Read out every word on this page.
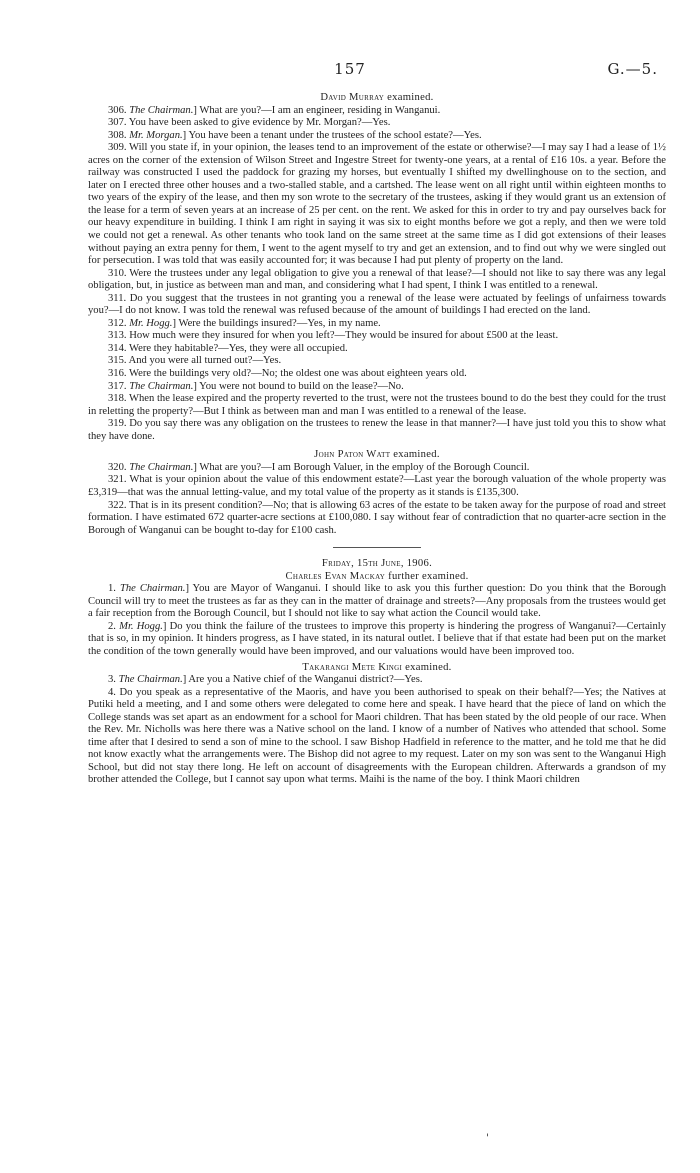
157	G.—5.
David Murray examined.

306. The Chairman.] What are you?—I am an engineer, residing in Wanganui.

307. You have been asked to give evidence by Mr. Morgan?—Yes.

308. Mr. Morgan.] You have been a tenant under the trustees of the school estate?—Yes.

309. Will you state if, in your opinion, the leases tend to an improvement of the estate or otherwise?—I may say I had a lease of 1½ acres on the corner of the extension of Wilson Street and Ingestre Street for twenty-one years, at a rental of £16 10s. a year. Before the railway was constructed I used the paddock for grazing my horses, but eventually I shifted my dwellinghouse on to the section, and later on I erected three other houses and a two-stalled stable, and a cartshed. The lease went on all right until within eighteen months to two years of the expiry of the lease, and then my son wrote to the secretary of the trustees, asking if they would grant us an extension of the lease for a term of seven years at an increase of 25 per cent. on the rent. We asked for this in order to try and pay ourselves back for our heavy expenditure in building. I think I am right in saying it was six to eight months before we got a reply, and then we were told we could not get a renewal. As other tenants who took land on the same street at the same time as I did got extensions of their leases without paying an extra penny for them, I went to the agent myself to try and get an extension, and to find out why we were singled out for persecution. I was told that was easily accounted for; it was because I had put plenty of property on the land.

310. Were the trustees under any legal obligation to give you a renewal of that lease?—I should not like to say there was any legal obligation, but, in justice as between man and man, and considering what I had spent, I think I was entitled to a renewal.

311. Do you suggest that the trustees in not granting you a renewal of the lease were actuated by feelings of unfairness towards you?—I do not know. I was told the renewal was refused because of the amount of buildings I had erected on the land.

312. Mr. Hogg.] Were the buildings insured?—Yes, in my name.

313. How much were they insured for when you left?—They would be insured for about £500 at the least.

314. Were they habitable?—Yes, they were all occupied.

315. And you were all turned out?—Yes.

316. Were the buildings very old?—No; the oldest one was about eighteen years old.

317. The Chairman.] You were not bound to build on the lease?—No.

318. When the lease expired and the property reverted to the trust, were not the trustees bound to do the best they could for the trust in reletting the property?—But I think as between man and man I was entitled to a renewal of the lease.

319. Do you say there was any obligation on the trustees to renew the lease in that manner?—I have just told you this to show what they have done.

John Paton Watt examined.

320. The Chairman.] What are you?—I am Borough Valuer, in the employ of the Borough Council.

321. What is your opinion about the value of this endowment estate?—Last year the borough valuation of the whole property was £3,319—that was the annual letting-value, and my total value of the property as it stands is £135,300.

322. That is in its present condition?—No; that is allowing 63 acres of the estate to be taken away for the purpose of road and street formation. I have estimated 672 quarter-acre sections at £100,080. I say without fear of contradiction that no quarter-acre section in the Borough of Wanganui can be bought to-day for £100 cash.

Friday, 15th June, 1906.
Charles Evan Mackay further examined.

1. The Chairman.] You are Mayor of Wanganui. I should like to ask you this further question: Do you think that the Borough Council will try to meet the trustees as far as they can in the matter of drainage and streets?—Any proposals from the trustees would get a fair reception from the Borough Council, but I should not like to say what action the Council would take.

2. Mr. Hogg.] Do you think the failure of the trustees to improve this property is hindering the progress of Wanganui?—Certainly that is so, in my opinion. It hinders progress, as I have stated, in its natural outlet. I believe that if that estate had been put on the market the condition of the town generally would have been improved, and our valuations would have been improved too.

Takarangi Mete Kingi examined.

3. The Chairman.] Are you a Native chief of the Wanganui district?—Yes.

4. Do you speak as a representative of the Maoris, and have you been authorised to speak on their behalf?—Yes; the Natives at Putiki held a meeting, and I and some others were delegated to come here and speak. I have heard that the piece of land on which the College stands was set apart as an endowment for a school for Maori children. That has been stated by the old people of our race. When the Rev. Mr. Nicholls was here there was a Native school on the land. I know of a number of Natives who attended that school. Some time after that I desired to send a son of mine to the school. I saw Bishop Hadfield in reference to the matter, and he told me that he did not know exactly what the arrangements were. The Bishop did not agree to my request. Later on my son was sent to the Wanganui High School, but did not stay there long. He left on account of disagreements with the European children. Afterwards a grandson of my brother attended the College, but I cannot say upon what terms. Maihi is the name of the boy. I think Maori children

'
